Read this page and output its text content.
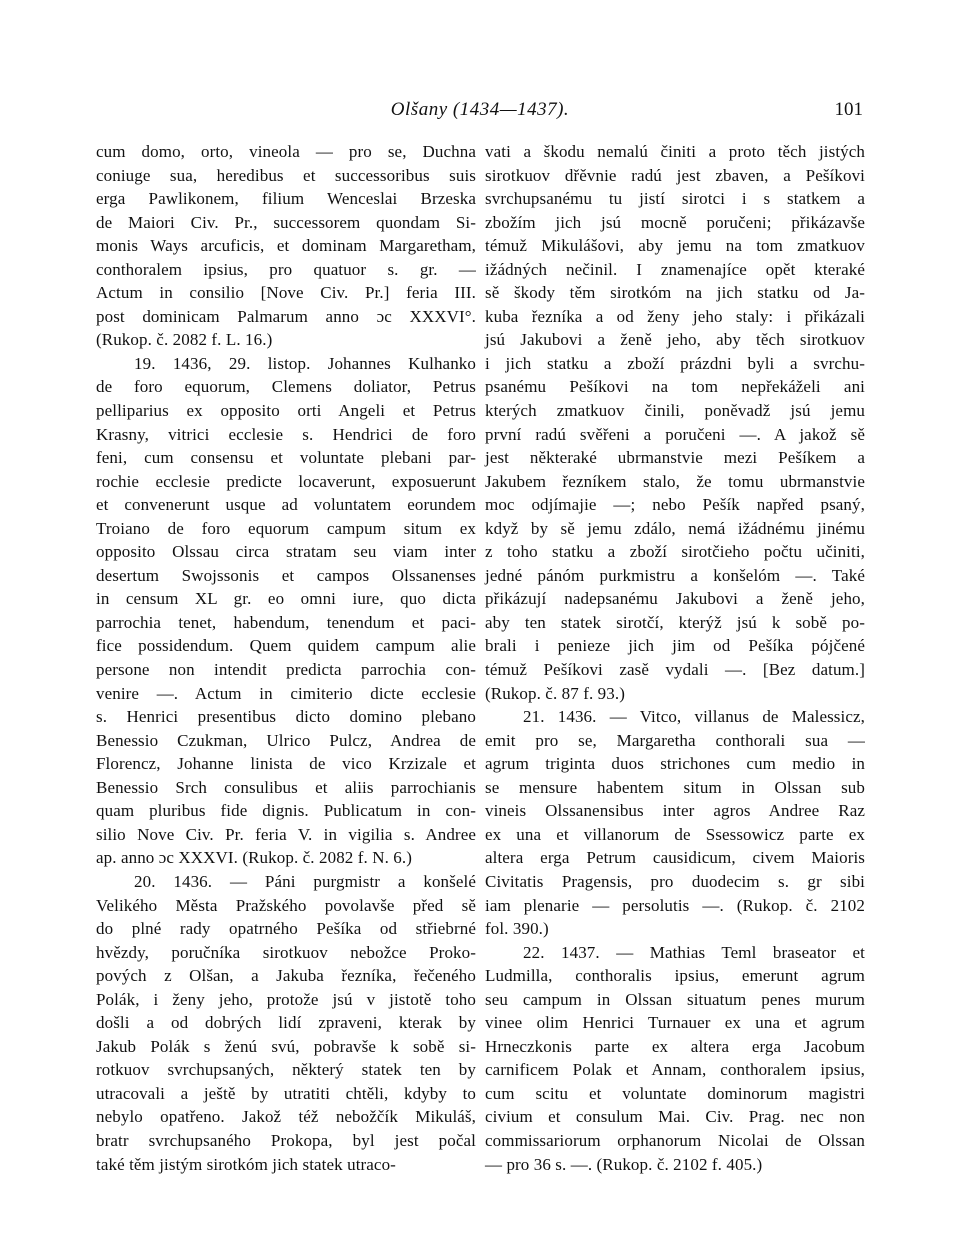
Olšany (1434—1437).	101
cum domo, orto, vineola — pro se, Duchna
coniuge sua, heredibus et successoribus suis
erga Pawlikonem, filium Wenceslai Brzeska
de Maiori Civ. Pr., successorem quondam Si-
monis Ways arcuficis, et dominam Margaretham,
conthoralem ipsius, pro quatuor s. gr. —
Actum in consilio [Nove Civ. Pr.] feria III.
post dominicam Palmarum anno ɔc XXXVI°.
(Rukop. č. 2082 f. L. 16.)
19. 1436, 29. listop. Johannes Kulhanko
de foro equorum, Clemens doliator, Petrus
pelliparius ex opposito orti Angeli et Petrus
Krasny, vitrici ecclesie s. Hendrici de foro
feni, cum consensu et voluntate plebani par-
rochie ecclesie predicte locaverunt, exposuerunt
et convenerunt usque ad voluntatem eorundem
Troiano de foro equorum campum situm ex
opposito Olssau circa stratam seu viam inter
desertum Swojssonis et campos Olssanenses
in censum XL gr. eo omni iure, quo dicta
parrochia tenet, habendum, tenendum et paci-
fice possidendum. Quem quidem campum alie
persone non intendit predicta parrochia con-
venire —. Actum in cimiterio dicte ecclesie
s. Henrici presentibus dicto domino plebano
Benessio Czukman, Ulrico Pulcz, Andrea de
Florencz, Johanne linista de vico Krzizale et
Benessio Srch consulibus et aliis parrochianis
quam pluribus fide dignis. Publicatum in con-
silio Nove Civ. Pr. feria V. in vigilia s. Andree
ap. anno ɔc XXXVI. (Rukop. č. 2082 f. N. 6.)
20. 1436. — Páni purgmistr a konšelé
Velikého Města Pražského povolavše před sě
do plné rady opatrného Pešíka od střiebrné
hvězdy, poručníka sirotkuov nebožce Proko-
pových z Olšan, a Jakuba řezníka, řečeného
Polák, i ženy jeho, protože jsú v jistotě toho
došli a od dobrých lidí zpraveni, kterak by
Jakub Polák s ženú svú, pobravše k sobě si-
rotkuov svrchupsaných, některý statek ten by
utracovali a ještě by utratiti chtěli, kdyby to
nebylo opatřeno. Jakož též nebožčík Mikuláš,
bratr svrchupsaného Prokopa, byl jest počal
také těm jistým sirotkóm jich statek utraco-
vati a škodu nemalú činiti a proto těch jistých
sirotkuov dřěvnie radú jest zbaven, a Pešíkovi
svrchupsanému tu jistí sirotci i s statkem a
zbožím jich jsú mocně poručeni; přikázavše
témuž Mikulášovi, aby jemu na tom zmatkuov
ižádných nečinil. I znamenajíce opět kteraké
sě škody těm sirotkóm na jich statku od Ja-
kuba řezníka a od ženy jeho staly: i přikázali
jsú Jakubovi a ženě jeho, aby těch sirotkuov
i jich statku a zboží prázdni byli a svrchu-
psanému Pešíkovi na tom nepřekáželi ani
kterých zmatkuov činili, poněvadž jsú jemu
první radú svěřeni a poručeni —. A jakož sě
jest některaké ubrmanstvie mezi Pešíkem a
Jakubem řezníkem stalo, že tomu ubrmanstvie
moc odjímajie —; nebo Pešík napřed psaný,
když by sě jemu zdálo, nemá ižádnému jinému
z toho statku a zboží sirotčieho počtu učiniti,
jedné pánóm purkmistru a konšelóm —. Také
přikázují nadepsanému Jakubovi a ženě jeho,
aby ten statek sirotčí, kterýž jsú k sobě po-
brali i penieze jich jim od Pešíka pójčené
témuž Pešíkovi zasě vydali —. [Bez datum.]
(Rukop. č. 87 f. 93.)
21. 1436. — Vitco, villanus de Malessicz,
emit pro se, Margaretha conthorali sua —
agrum triginta duos strichones cum medio in
se mensure habentem situm in Olssan sub
vineis Olssanensibus inter agros Andree Raz
ex una et villanorum de Ssessowicz parte ex
altera erga Petrum causidicum, civem Maioris
Civitatis Pragensis, pro duodecim s. gr sibi
iam plenarie — persolutis —. (Rukop. č. 2102
fol. 390.)
22. 1437. — Mathias Teml braseator et
Ludmilla, conthoralis ipsius, emerunt agrum
seu campum in Olssan situatum penes murum
vinee olim Henrici Turnauer ex una et agrum
Hrneczkonis parte ex altera erga Jacobum
carnificem Polak et Annam, conthoralem ipsius,
cum scitu et voluntate dominorum magistri
civium et consulum Mai. Civ. Prag. nec non
commissariorum orphanorum Nicolai de Olssan
— pro 36 s. —. (Rukop. č. 2102 f. 405.)
